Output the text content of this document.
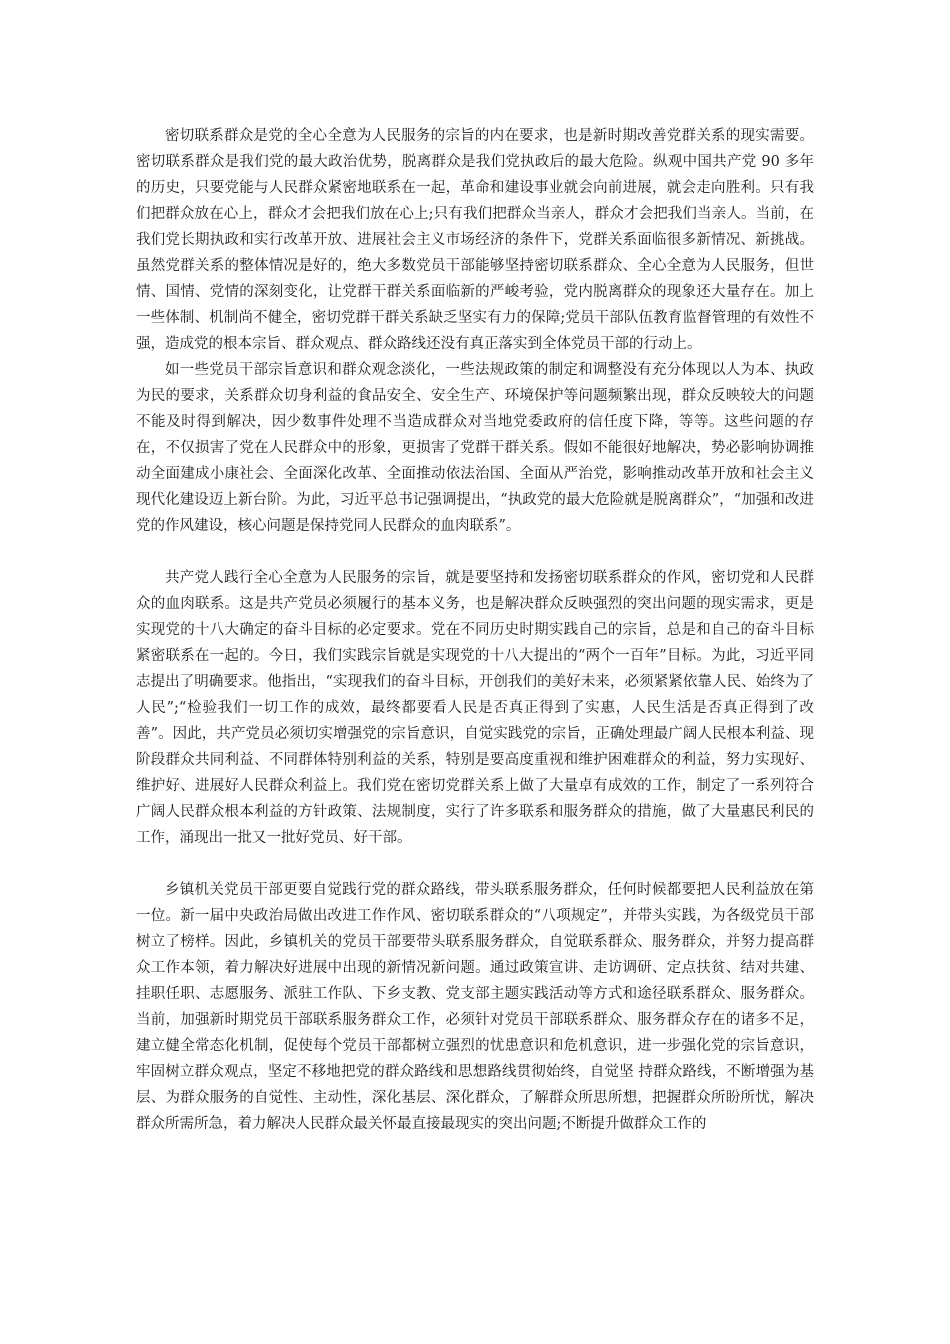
密切联系群众是党的全心全意为人民服务的宗旨的内在要求，也是新时期改善党群关系的现实需要。密切联系群众是我们党的最大政治优势，脱离群众是我们党执政后的最大危险。纵观中国共产党 90 多年的历史，只要党能与人民群众紧密地联系在一起，革命和建设事业就会向前进展，就会走向胜利。只有我们把群众放在心上，群众才会把我们放在心上;只有我们把群众当亲人，群众才会把我们当亲人。当前，在我们党长期执政和实行改革开放、进展社会主义市场经济的条件下，党群关系面临很多新情况、新挑战。虽然党群关系的整体情况是好的，绝大多数党员干部能够坚持密切联系群众、全心全意为人民服务，但世情、国情、党情的深刻变化，让党群干群关系面临新的严峻考验，党内脱离群众的现象还大量存在。加上一些体制、机制尚不健全，密切党群干群关系缺乏坚实有力的保障;党员干部队伍教育监督管理的有效性不强，造成党的根本宗旨、群众观点、群众路线还没有真正落实到全体党员干部的行动上。

如一些党员干部宗旨意识和群众观念淡化，一些法规政策的制定和调整没有充分体现以人为本、执政为民的要求，关系群众切身利益的食品安全、安全生产、环境保护等问题频繁出现，群众反映较大的问题不能及时得到解决，因少数事件处理不当造成群众对当地党委政府的信任度下降，等等。这些问题的存在，不仅损害了党在人民群众中的形象，更损害了党群干群关系。假如不能很好地解决，势必影响协调推动全面建成小康社会、全面深化改革、全面推动依法治国、全面从严治党，影响推动改革开放和社会主义现代化建设迈上新台阶。为此，习近平总书记强调提出，“执政党的最大危险就是脱离群众”，“加强和改进党的作风建设，核心问题是保持党同人民群众的血肉联系”。

共产党人践行全心全意为人民服务的宗旨，就是要坚持和发扬密切联系群众的作风，密切党和人民群众的血肉联系。这是共产党员必须履行的基本义务，也是解决群众反映强烈的突出问题的现实需求，更是实现党的十八大确定的奋斗目标的必定要求。党在不同历史时期实践自己的宗旨，总是和自己的奋斗目标紧密联系在一起的。今日，我们实践宗旨就是实现党的十八大提出的“两个一百年”目标。为此，习近平同志提出了明确要求。他指出，“实现我们的奋斗目标，开创我们的美好未来，必须紧紧依靠人民、始终为了人民”;“检验我们一切工作的成效，最终都要看人民是否真正得到了实惠，人民生活是否真正得到了改善”。因此，共产党员必须切实增强党的宗旨意识，自觉实践党的宗旨，正确处理最广阔人民根本利益、现阶段群众共同利益、不同群体特别利益的关系，特别是要高度重视和维护困难群众的利益，努力实现好、维护好、进展好人民群众利益上。我们党在密切党群关系上做了大量卓有成效的工作，制定了一系列符合广阔人民群众根本利益的方针政策、法规制度，实行了许多联系和服务群众的措施，做了大量惠民利民的工作，涌现出一批又一批好党员、好干部。

乡镇机关党员干部更要自觉践行党的群众路线，带头联系服务群众，任何时候都要把人民利益放在第一位。新一届中央政治局做出改进工作作风、密切联系群众的“八项规定”，并带头实践，为各级党员干部树立了榜样。因此，乡镇机关的党员干部要带头联系服务群众，自觉联系群众、服务群众，并努力提高群众工作本领，着力解决好进展中出现的新情况新问题。通过政策宣讲、走访调研、定点扶贫、结对共建、挂职任职、志愿服务、派驻工作队、下乡支教、党支部主题实践活动等方式和途径联系群众、服务群众。当前，加强新时期党员干部联系服务群众工作，必须针对党员干部联系群众、服务群众存在的诸多不足，建立健全常态化机制，促使每个党员干部都树立强烈的忧患意识和危机意识，进一步强化党的宗旨意识，牢固树立群众观点，坚定不移地把党的群众路线和思想路线贯彻始终，自觉坚 持群众路线，不断增强为基层、为群众服务的自觉性、主动性，深化基层、深化群众，了解群众所思所想，把握群众所盼所忧，解决群众所需所急，着力解决人民群众最关怀最直接最现实的突出问题;不断提升做群众工作的
